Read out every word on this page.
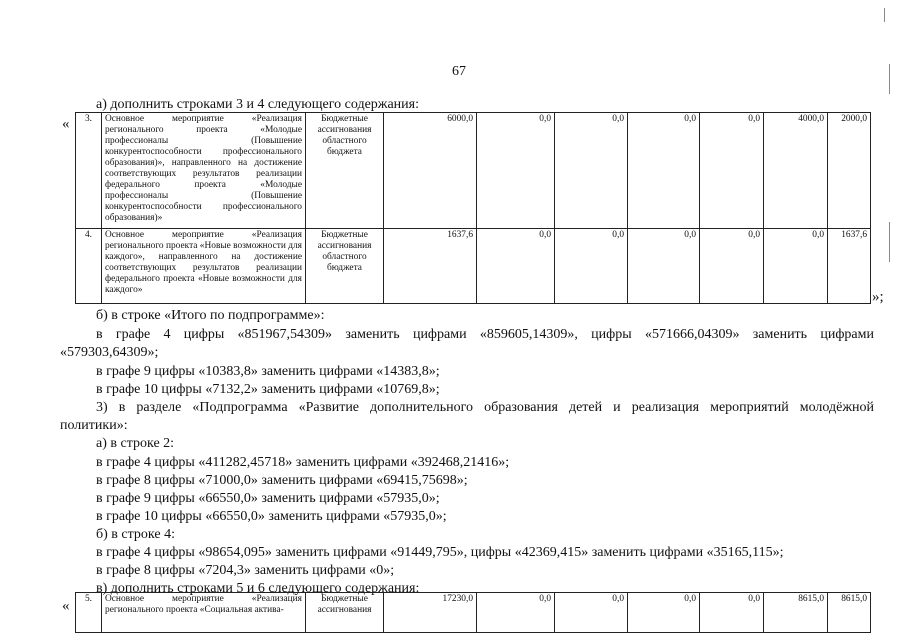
67
а) дополнить строками 3 и 4 следующего содержания:
« 3.	Основное мероприятие «Реализация регионального проекта «Молодые профессионалы (Повышение конкурентоспособности профессионального образования)», направленного на достижение соответствующих результатов реализации федерального проекта «Молодые профессионалы (Повышение конкурентоспособности профессионального образования)»	Бюджетные ассигнования областного бюджета	6000,0	0,0	0,0	0,0	0,0	4000,0	2000,0
4.	Основное мероприятие «Реализация регионального проекта «Новые возможности для каждого», направленного на достижение соответствующих результатов реализации федерального проекта «Новые возможности для каждого»	Бюджетные ассигнования областного бюджета	1637,6	0,0	0,0	0,0	0,0	0,0	1637,6
»;
б) в строке «Итого по подпрограмме»:
в графе 4 цифры «851967,54309» заменить цифрами «859605,14309», цифры «571666,04309» заменить цифрами
«579303,64309»;
в графе 9 цифры «10383,8» заменить цифрами «14383,8»;
в графе 10 цифры «7132,2» заменить цифрами «10769,8»;
3) в разделе «Подпрограмма «Развитие дополнительного образования детей и реализация мероприятий молодёжной
политики»:
а) в строке 2:
в графе 4 цифры «411282,45718» заменить цифрами «392468,21416»;
в графе 8 цифры «71000,0» заменить цифрами «69415,75698»;
в графе 9 цифры «66550,0» заменить цифрами «57935,0»;
в графе 10 цифры «66550,0» заменить цифрами «57935,0»;
б) в строке 4:
в графе 4 цифры «98654,095» заменить цифрами «91449,795», цифры «42369,415» заменить цифрами «35165,115»;
в графе 8 цифры «7204,3» заменить цифрами «0»;
в) дополнить строками 5 и 6 следующего содержания:
« 5.	Основное мероприятие «Реализация регионального проекта «Социальная актива-	Бюджетные ассигнования	17230,0	0,0	0,0	0,0	0,0	8615,0	8615,0
